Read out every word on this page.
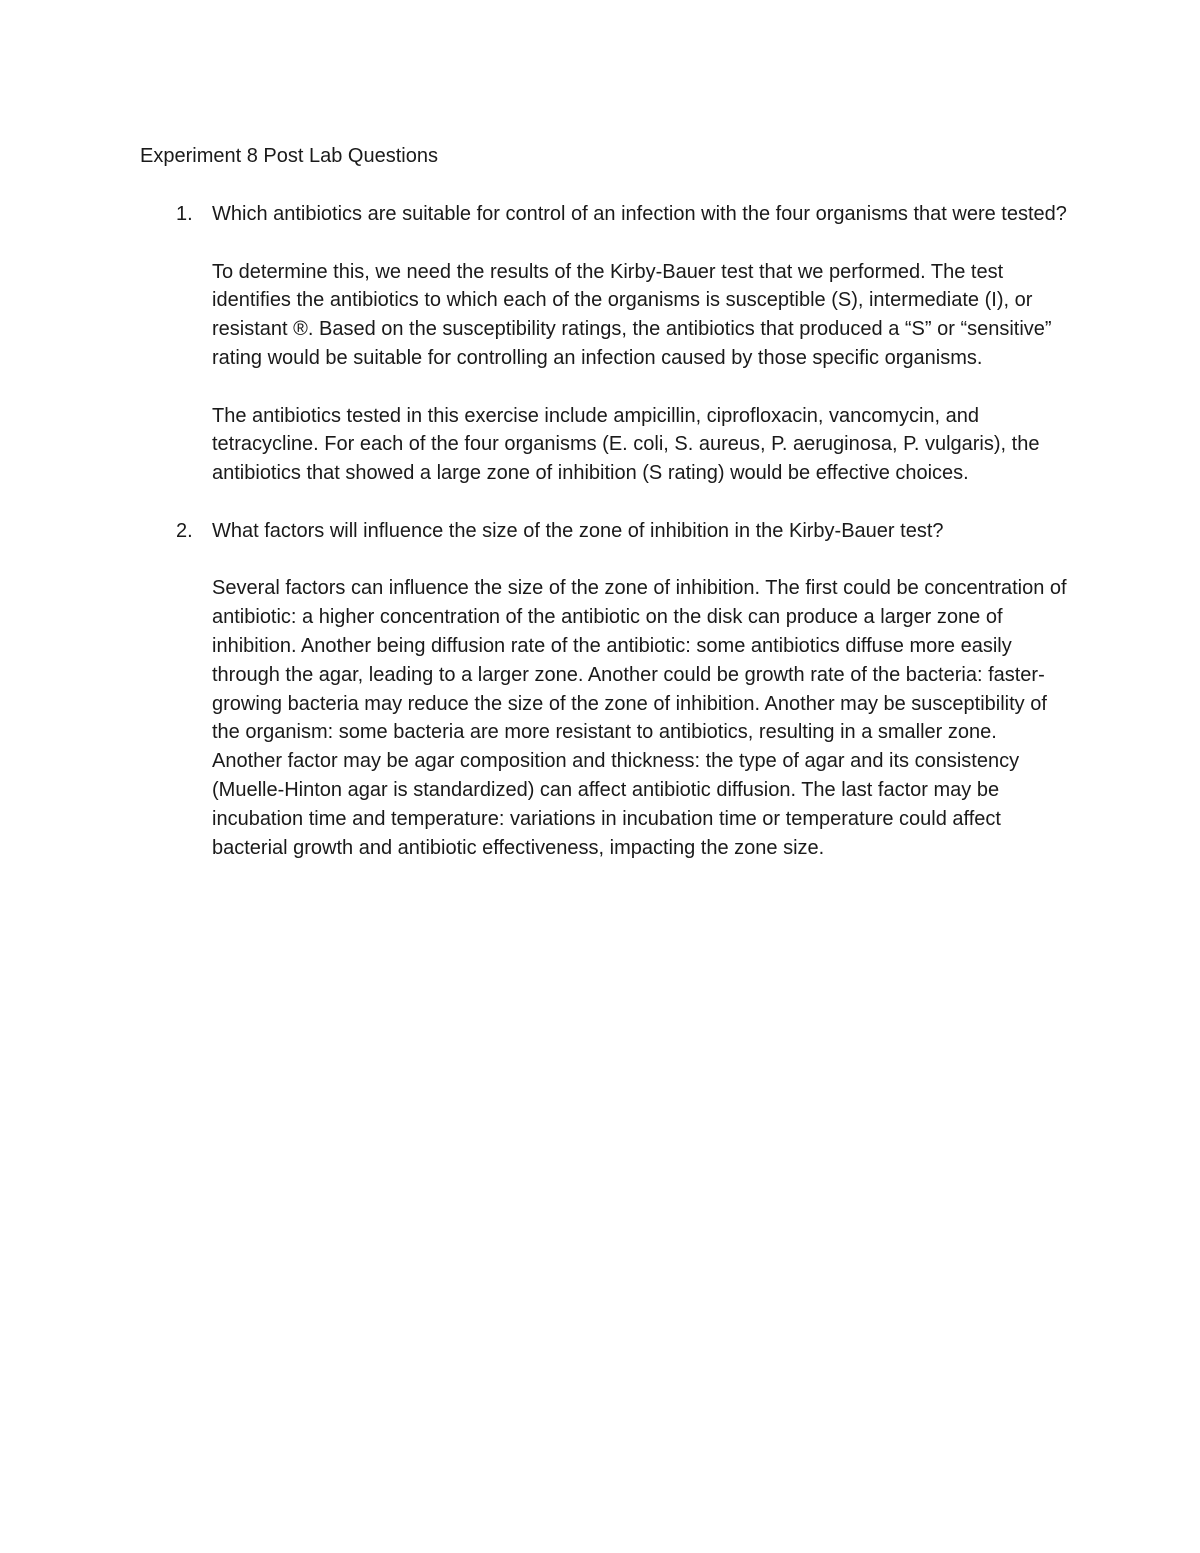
Experiment 8 Post Lab Questions
1. Which antibiotics are suitable for control of an infection with the four organisms that were tested?

To determine this, we need the results of the Kirby-Bauer test that we performed. The test identifies the antibiotics to which each of the organisms is susceptible (S), intermediate (I), or resistant ®. Based on the susceptibility ratings, the antibiotics that produced a “S” or “sensitive” rating would be suitable for controlling an infection caused by those specific organisms.

The antibiotics tested in this exercise include ampicillin, ciprofloxacin, vancomycin, and tetracycline. For each of the four organisms (E. coli, S. aureus, P. aeruginosa, P. vulgaris), the antibiotics that showed a large zone of inhibition (S rating) would be effective choices.

2. What factors will influence the size of the zone of inhibition in the Kirby-Bauer test?

Several factors can influence the size of the zone of inhibition. The first could be concentration of antibiotic: a higher concentration of the antibiotic on the disk can produce a larger zone of inhibition. Another being diffusion rate of the antibiotic: some antibiotics diffuse more easily through the agar, leading to a larger zone. Another could be growth rate of the bacteria: faster-growing bacteria may reduce the size of the zone of inhibition. Another may be susceptibility of the organism: some bacteria are more resistant to antibiotics, resulting in a smaller zone. Another factor may be agar composition and thickness: the type of agar and its consistency (Muelle-Hinton agar is standardized) can affect antibiotic diffusion. The last factor may be incubation time and temperature: variations in incubation time or temperature could affect bacterial growth and antibiotic effectiveness, impacting the zone size.
